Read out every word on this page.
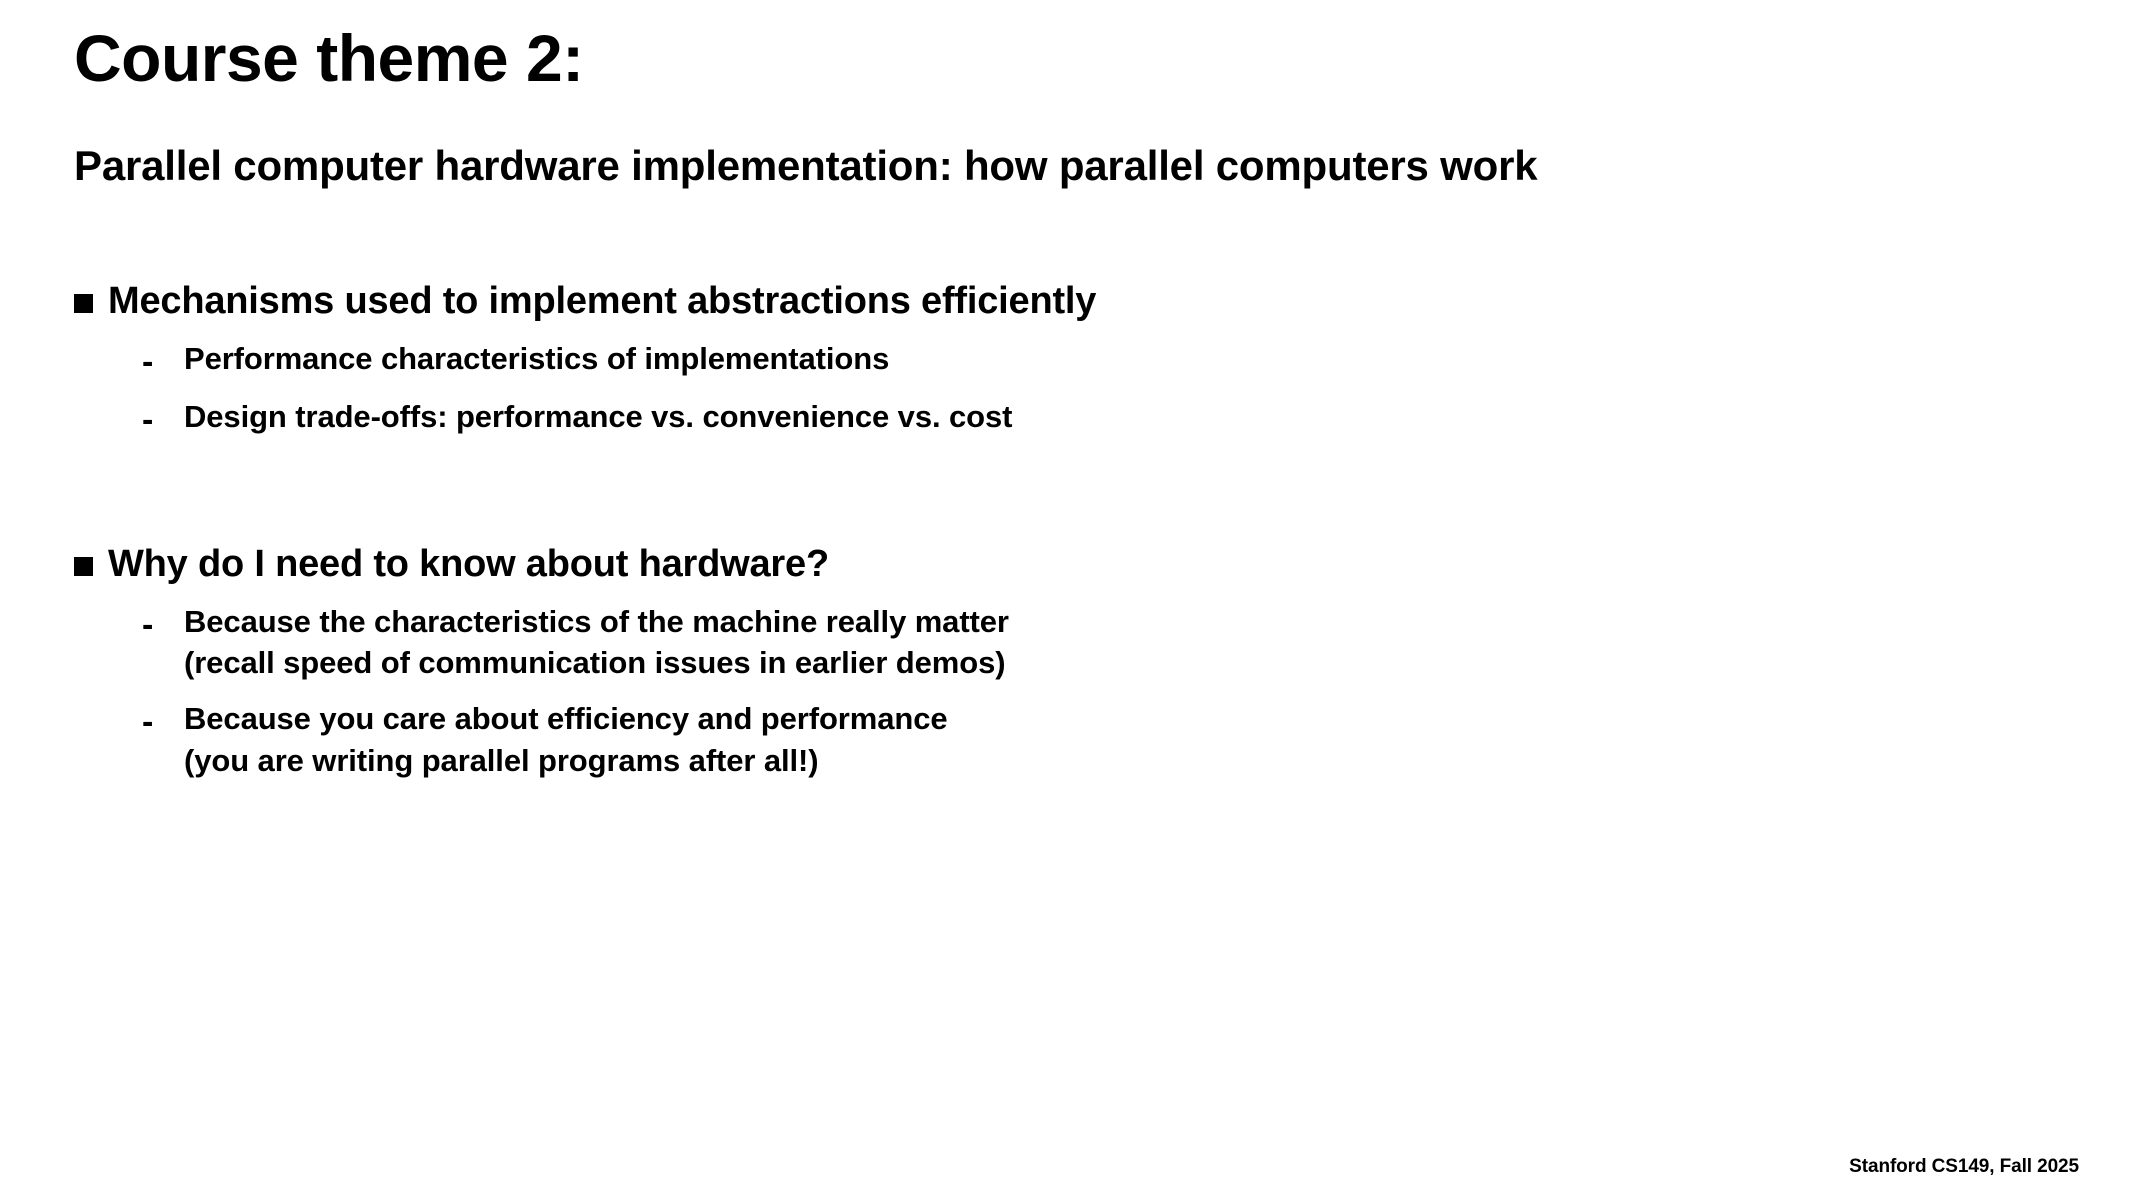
Course theme 2:
Parallel computer hardware implementation: how parallel computers work
Mechanisms used to implement abstractions efficiently
- Performance characteristics of implementations
- Design trade-offs: performance vs. convenience vs. cost
Why do I need to know about hardware?
- Because the characteristics of the machine really matter
(recall speed of communication issues in earlier demos)
- Because you care about efficiency and performance
(you are writing parallel programs after all!)
Stanford CS149, Fall 2025
